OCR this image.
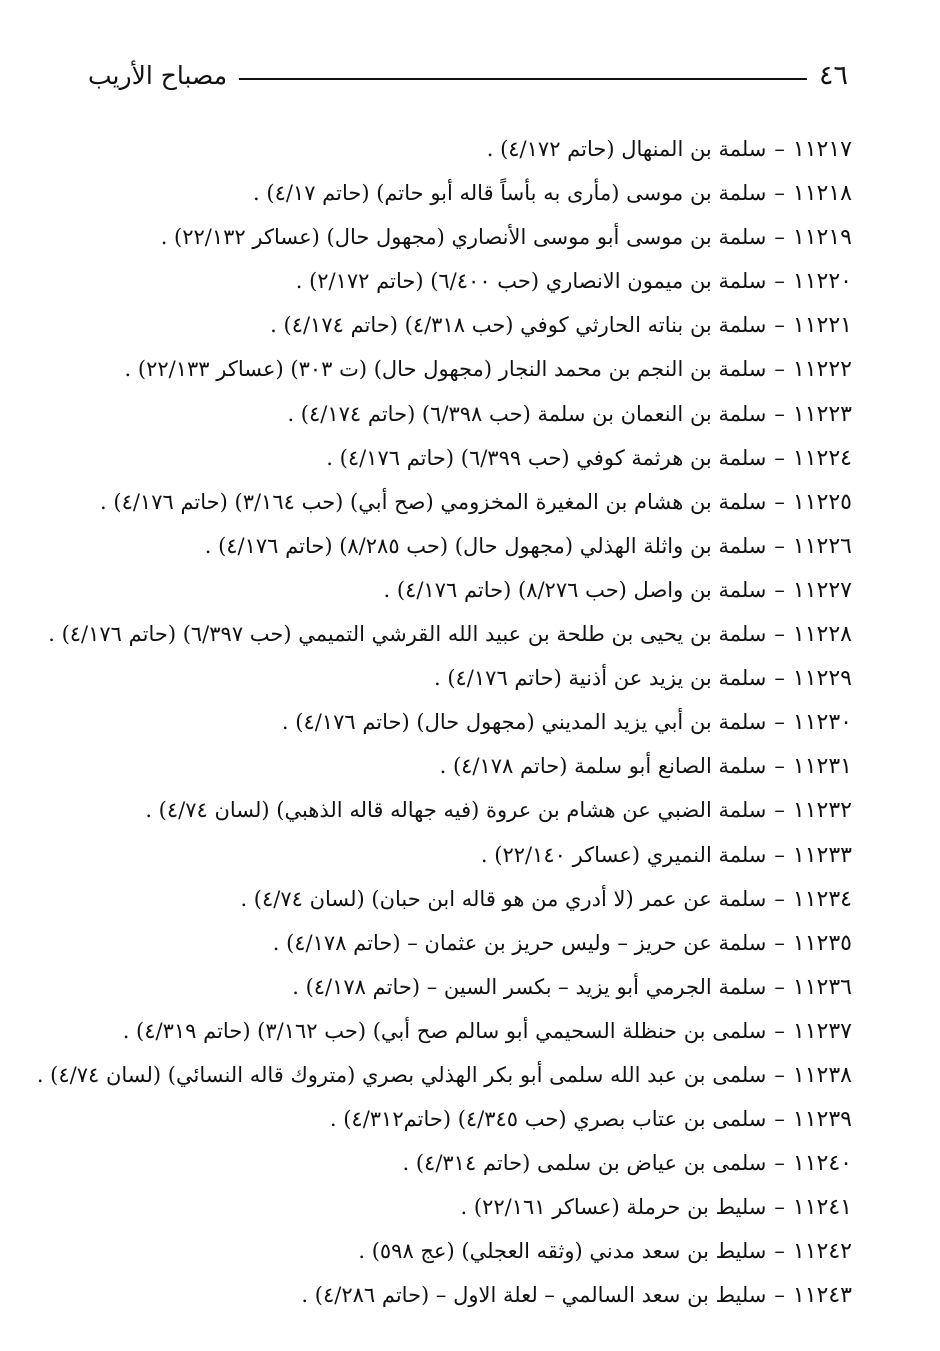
٤٦
مصباح الأريب
١١٢١٧–سلمة بن المنهال (حاتم ٤/١٧٢) .
١١٢١٨–سلمة بن موسى (مأرى به بأساً قاله أبو حاتم) (حاتم ٤/١٧) .
١١٢١٩–سلمة بن موسى أبو موسى الأنصاري (مجهول حال) (عساكر ٢٢/١٣٢) .
١١٢٢٠–سلمة بن ميمون الانصاري (حب ٦/٤٠٠) (حاتم ٢/١٧٢) .
١١٢٢١–سلمة بن بناته الحارثي كوفي (حب ٤/٣١٨) (حاتم ٤/١٧٤) .
١١٢٢٢–سلمة بن النجم بن محمد النجار (مجهول حال) (ت ٣٠٣) (عساكر ٢٢/١٣٣) .
١١٢٢٣–سلمة بن النعمان بن سلمة (حب ٦/٣٩٨) (حاتم ٤/١٧٤) .
١١٢٢٤–سلمة بن هرثمة كوفي (حب ٦/٣٩٩) (حاتم ٤/١٧٦) .
١١٢٢٥–سلمة بن هشام بن المغيرة المخزومي (صح أبي) (حب ٣/١٦٤) (حاتم ٤/١٧٦) .
١١٢٢٦–سلمة بن واثلة الهذلي (مجهول حال) (حب ٨/٢٨٥) (حاتم ٤/١٧٦) .
١١٢٢٧–سلمة بن واصل (حب ٨/٢٧٦) (حاتم ٤/١٧٦) .
١١٢٢٨–سلمة بن يحيى بن طلحة بن عبيد الله القرشي التميمي (حب ٦/٣٩٧) (حاتم ٤/١٧٦) .
١١٢٢٩–سلمة بن يزيد عن أذنية (حاتم ٤/١٧٦) .
١١٢٣٠–سلمة بن أبي يزيد المديني (مجهول حال) (حاتم ٤/١٧٦) .
١١٢٣١–سلمة الصانع أبو سلمة (حاتم ٤/١٧٨) .
١١٢٣٢–سلمة الضبي عن هشام بن عروة (فيه جهاله قاله الذهبي) (لسان ٤/٧٤) .
١١٢٣٣–سلمة النميري (عساكر ٢٢/١٤٠) .
١١٢٣٤–سلمة عن عمر (لا أدري من هو قاله ابن حبان) (لسان ٤/٧٤) .
١١٢٣٥–سلمة عن حريز – وليس حريز بن عثمان – (حاتم ٤/١٧٨) .
١١٢٣٦–سلمة الجرمي أبو يزيد – بكسر السين – (حاتم ٤/١٧٨) .
١١٢٣٧–سلمى بن حنظلة السحيمي أبو سالم صح أبي) (حب ٣/١٦٢) (حاتم ٤/٣١٩) .
١١٢٣٨–سلمى بن عبد الله سلمى أبو بكر الهذلي بصري (متروك قاله النسائي) (لسان ٤/٧٤) .
١١٢٣٩–سلمى بن عتاب بصري (حب ٤/٣٤٥) (حاتم٤/٣١٢) .
١١٢٤٠–سلمى بن عياض بن سلمى (حاتم ٤/٣١٤) .
١١٢٤١–سليط بن حرملة (عساكر ٢٢/١٦١) .
١١٢٤٢–سليط بن سعد مدني (وثقه العجلي) (عج ٥٩٨) .
١١٢٤٣–سليط بن سعد السالمي – لعلة الاول – (حاتم ٤/٢٨٦) .
